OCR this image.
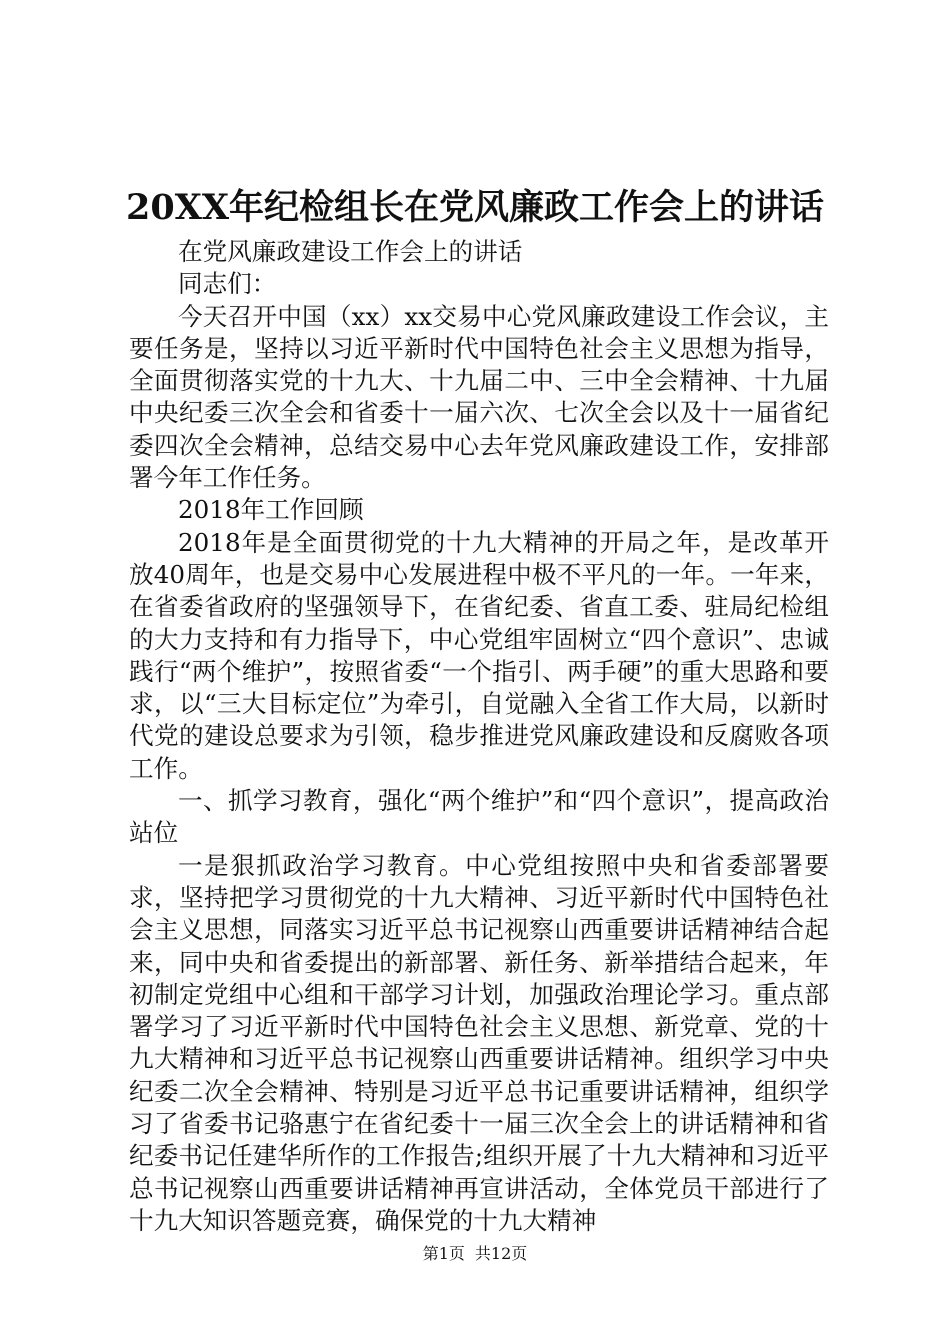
20XX年纪检组长在党风廉政工作会上的讲话

在党风廉政建设工作会上的讲话

同志们：

今天召开中国（xx）xx交易中心党风廉政建设工作会议，主要任务是，坚持以习近平新时代中国特色社会主义思想为指导，全面贯彻落实党的十九大、十九届二中、三中全会精神、十九届中央纪委三次全会和省委十一届六次、七次全会以及十一届省纪委四次全会精神，总结交易中心去年党风廉政建设工作，安排部署今年工作任务。

2018年工作回顾

2018年是全面贯彻党的十九大精神的开局之年，是改革开放40周年，也是交易中心发展进程中极不平凡的一年。一年来，在省委省政府的坚强领导下，在省纪委、省直工委、驻局纪检组的大力支持和有力指导下，中心党组牢固树立“四个意识”、忠诚践行“两个维护”，按照省委“一个指引、两手硬”的重大思路和要求，以“三大目标定位”为牵引，自觉融入全省工作大局，以新时代党的建设总要求为引领，稳步推进党风廉政建设和反腐败各项工作。

一、抓学习教育，强化“两个维护”和“四个意识”，提高政治站位

一是狠抓政治学习教育。中心党组按照中央和省委部署要求，坚持把学习贯彻党的十九大精神、习近平新时代中国特色社会主义思想，同落实习近平总书记视察山西重要讲话精神结合起来，同中央和省委提出的新部署、新任务、新举措结合起来，年初制定党组中心组和干部学习计划，加强政治理论学习。重点部署学习了习近平新时代中国特色社会主义思想、新党章、党的十九大精神和习近平总书记视察山西重要讲话精神。组织学习中央纪委二次全会精神、特别是习近平总书记重要讲话精神，组织学习了省委书记骆惠宁在省纪委十一届三次全会上的讲话精神和省纪委书记任建华所作的工作报告;组织开展了十九大精神和习近平总书记视察山西重要讲话精神再宣讲活动，全体党员干部进行了十九大知识答题竞赛，确保党的十九大精神

第1页 共12页
